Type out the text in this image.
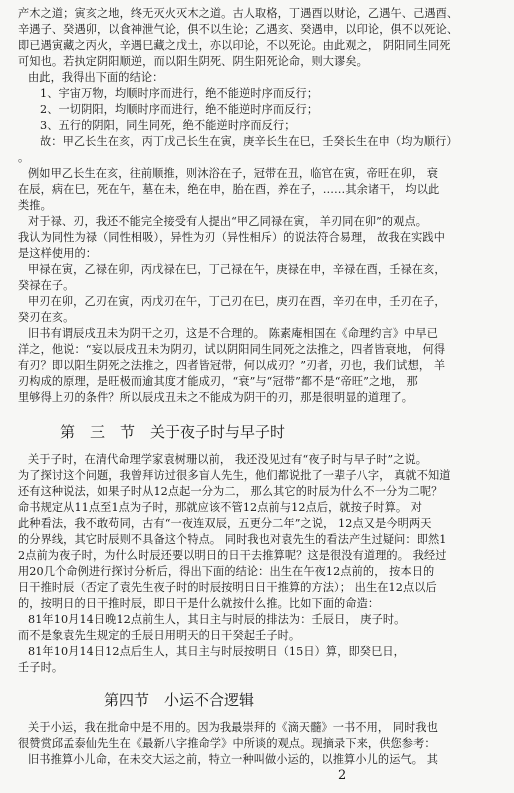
产木之道；寅亥之地，终无灭火灭木之道。古人取格，丁遇酉以财论，乙遇午、己遇酉、
辛遇子、癸遇卯，以食神泄气论，俱不以生论；乙遇亥、癸遇申，以印论，俱不以死论、
即已遇寅藏之丙火，辛遇巳藏之戊土，亦以印论，不以死论。由此观之， 阴阳同生同死
可知也。若执定阴阳顺逆，而以阳生阴死、阴生阳死论命，则大谬矣。
由此，我得出下面的结论：
1、宇宙万物，均顺时序而进行，绝不能逆时序而反行；
2、一切阴阳，均顺时序而进行，绝不能逆时序而反行；
3、五行的阴阳，同生同死，绝不能逆时序而反行；
故：甲乙长生在亥，丙丁戊己长生在寅，庚辛长生在巳，壬癸长生在申（均为顺行）
。
例如甲乙长生在亥，往前顺推，则沐浴在子，冠带在丑，临官在寅，帝旺在卯， 衰
在辰，病在巳，死在午，墓在未，绝在申，胎在酉，养在子，……其余诸干， 均以此
类推。
对于禄、刃，我还不能完全接受有人提出“甲乙同禄在寅， 羊刃同在卯”的观点。
我认为同性为禄（同性相吸），异性为刃（异性相斥）的说法符合易理， 故我在实践中
是这样使用的：
甲禄在寅，乙禄在卯，丙戊禄在巳，丁己禄在午，庚禄在申，辛禄在酉，壬禄在亥，
癸禄在子。
甲刃在卯，乙刃在寅，丙戊刃在午，丁己刃在巳，庚刃在酉，辛刃在申，壬刃在子，
癸刃在亥。
旧书有谓辰戌丑未为阴干之刃，这是不合理的。 陈素庵相国在《命理约言》中早已
洋之，他说：“妄以辰戌丑未为阴刃，试以阴阳同生同死之法推之，四者皆衰地， 何得
有刃？即以阳生阴死之法推之，四者皆冠带，何以成刃？”刃者，刃也，我们试想， 羊
刃构成的原理，是旺极而逾其度才能成刃，“衰”与“冠带”都不是“帝旺”之地， 那
里够得上刃的条件？所以辰戌丑未之不能成为阴干的刃，那是很明显的道理了。
第　三　节　关于夜子时与早子时
关于子时，在清代命理学家袁树珊以前， 我还没见过有“夜子时与早子时”之说。
为了探讨这个问题，我曾拜访过很多盲人先生，他们都说批了一辈子八字， 真就不知道
还有这种说法，如果子时从12点起一分为二， 那么其它的时辰为什么不一分为二呢？
命书规定从11点至1点为子时，那就应该不管12点前与12点后，就按子时算。 对
此种看法，我不敢苟同，古有“一夜连双辰，五更分二年”之说， 12点又是今明两天
的分界线，其它时辰则不具备这个特点。 同时我也对袁先生的看法产生过疑问：即然1
2点前为夜子时，为什么时辰还要以明日的日干去推算呢？这是很没有道理的。 我经过
用20几个命例进行探讨分析后，得出下面的结论：出生在午夜12点前的， 按本日的
日干推时辰（否定了袁先生夜子时的时辰按明日日干推算的方法）； 出生在12点以后
的，按明日的日干推时辰，即日干是什么就按什么推。比如下面的命造：
81年10月14日晚12点前生人，其日主与时辰的排法为：壬辰日， 庚子时。
而不是象袁先生规定的壬辰日用明天的日干癸起壬子时。
81年10月14日12点后生人，其日主与时辰按明日（15日）算，即癸巳日，
壬子时。
第四节　小运不合逻辑
关于小运，我在批命中是不用的。因为我最崇拜的《滴天髓》一书不用， 同时我也
很赞赏邱孟泰仙先生在《最新八字推命学》中所谈的观点。现摘录下来，供您参考：
旧书推算小儿命，在未交大运之前，特立一种叫做小运的，以推算小儿的运气。 其
2
